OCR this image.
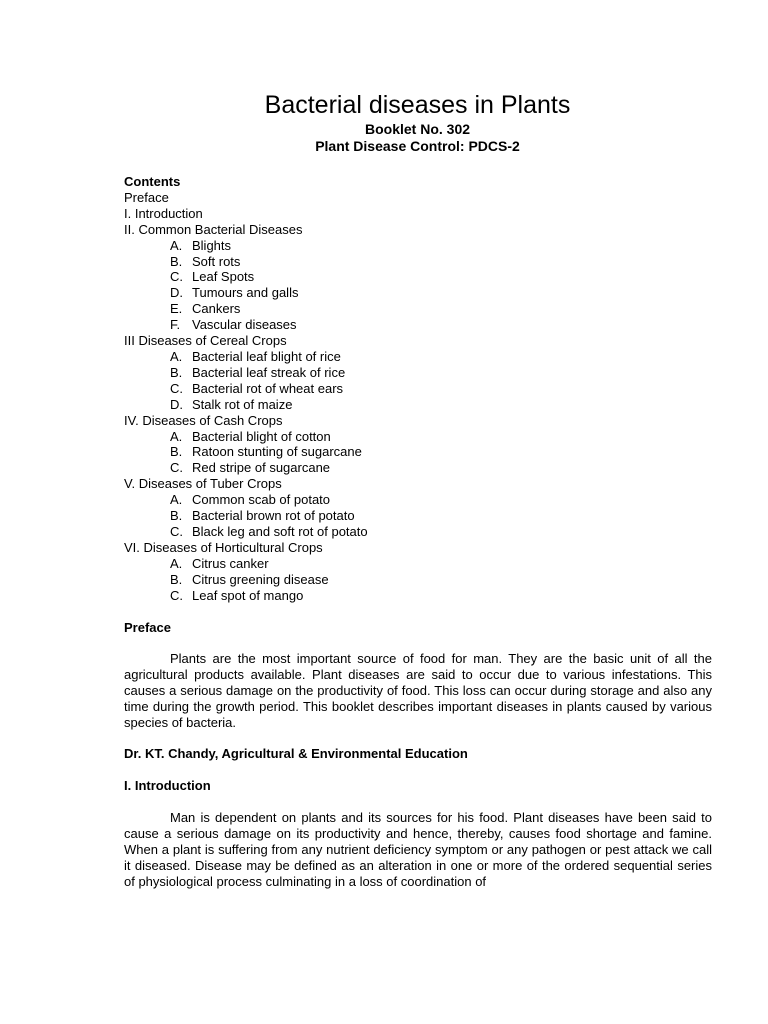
Bacterial diseases in Plants

Booklet No. 302

Plant Disease Control: PDCS-2

Contents
Preface
I. Introduction
II. Common Bacterial Diseases
A. Blights
B. Soft rots
C. Leaf Spots
D. Tumours and galls
E. Cankers
F. Vascular diseases
III Diseases of Cereal Crops
A. Bacterial leaf blight of rice
B. Bacterial leaf streak of rice
C. Bacterial rot of wheat ears
D. Stalk rot of maize
IV. Diseases of Cash Crops
A. Bacterial blight of cotton
B. Ratoon stunting of sugarcane
C. Red stripe of sugarcane
V. Diseases of Tuber Crops
A. Common scab of potato
B. Bacterial brown rot of potato
C. Black leg and soft rot of potato
VI. Diseases of Horticultural Crops
A. Citrus canker
B. Citrus greening disease
C. Leaf spot of mango

Preface

Plants are the most important source of food for man. They are the basic unit of all the agricultural products available. Plant diseases are said to occur due to various infestations. This causes a serious damage on the productivity of food. This loss can occur during storage and also any time during the growth period. This booklet describes important diseases in plants caused by various species of bacteria.

Dr. KT. Chandy, Agricultural & Environmental Education

I. Introduction

Man is dependent on plants and its sources for his food. Plant diseases have been said to cause a serious damage on its productivity and hence, thereby, causes food shortage and famine. When a plant is suffering from any nutrient deficiency symptom or any pathogen or pest attack we call it diseased. Disease may be defined as an alteration in one or more of the ordered sequential series of physiological process culminating in a loss of coordination of
